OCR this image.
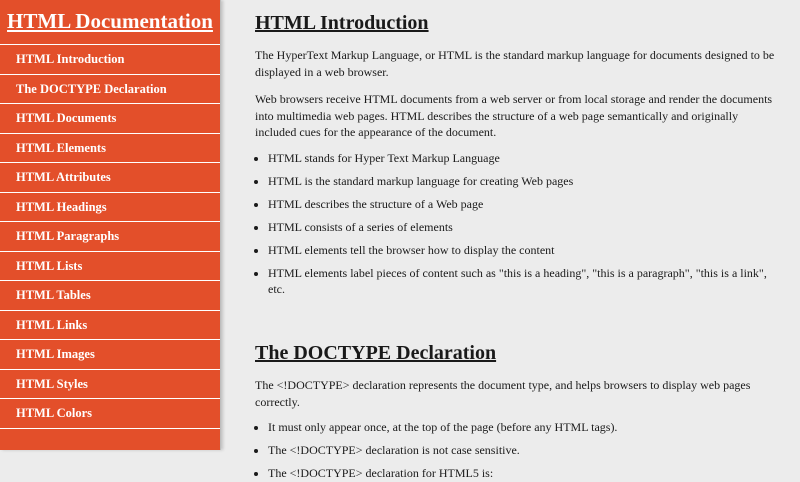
HTML Documentation
HTML Introduction
The DOCTYPE Declaration
HTML Documents
HTML Elements
HTML Attributes
HTML Headings
HTML Paragraphs
HTML Lists
HTML Tables
HTML Links
HTML Images
HTML Styles
HTML Colors
HTML Introduction

The HyperText Markup Language, or HTML is the standard markup language for documents designed to be displayed in a web browser.

Web browsers receive HTML documents from a web server or from local storage and render the documents into multimedia web pages. HTML describes the structure of a web page semantically and originally included cues for the appearance of the document.

• HTML stands for Hyper Text Markup Language
• HTML is the standard markup language for creating Web pages
• HTML describes the structure of a Web page
• HTML consists of a series of elements
• HTML elements tell the browser how to display the content
• HTML elements label pieces of content such as "this is a heading", "this is a paragraph", "this is a link", etc.
The DOCTYPE Declaration

The <!DOCTYPE> declaration represents the document type, and helps browsers to display web pages correctly.

• It must only appear once, at the top of the page (before any HTML tags).
• The <!DOCTYPE> declaration is not case sensitive.
• The <!DOCTYPE> declaration for HTML5 is:
